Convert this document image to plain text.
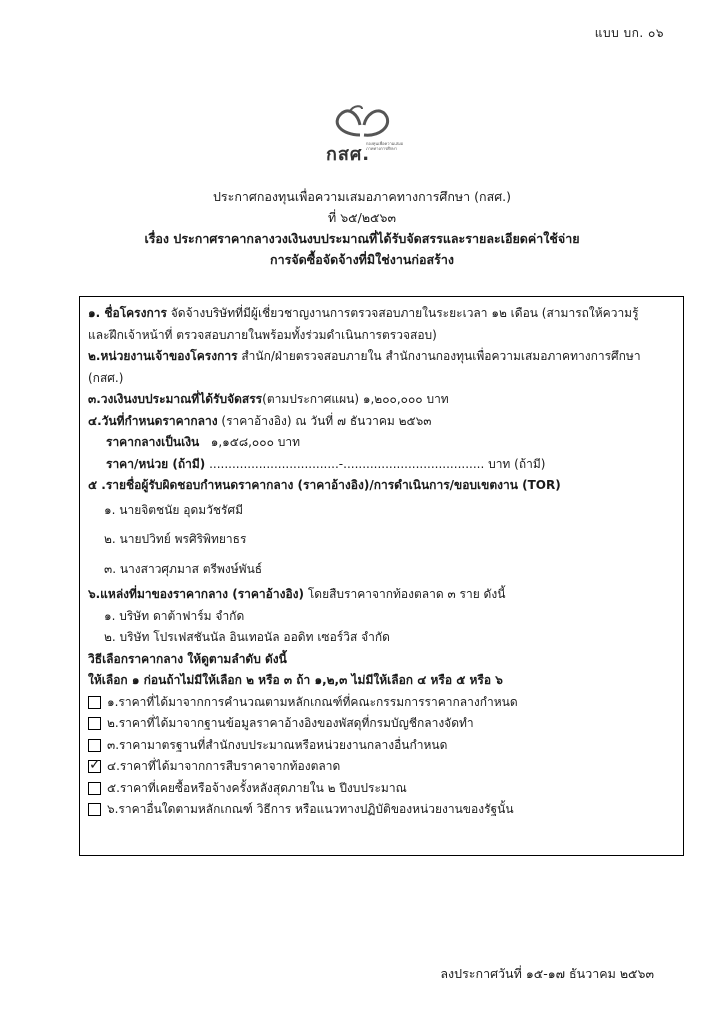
แบบ บก. ๐๖
กสศ.
กองทุนเพื่อความเสมอภาคทางการศึกษา
ประกาศกองทุนเพื่อความเสมอภาคทางการศึกษา (กสศ.)
ที่ ๖๕/๒๕๖๓
เรื่อง ประกาศราคากลางวงเงินงบประมาณที่ได้รับจัดสรรและรายละเอียดค่าใช้จ่าย
การจัดซื้อจัดจ้างที่มิใช่งานก่อสร้าง
๑. ชื่อโครงการ จัดจ้างบริษัทที่มีผู้เชี่ยวชาญงานการตรวจสอบภายในระยะเวลา ๑๒ เดือน (สามารถให้ความรู้
และฝึกเจ้าหน้าที่ ตรวจสอบภายในพร้อมทั้งร่วมดำเนินการตรวจสอบ)
๒.หน่วยงานเจ้าของโครงการ สำนัก/ฝ่ายตรวจสอบภายใน สำนักงานกองทุนเพื่อความเสมอภาคทางการศึกษา
(กสศ.)
๓.วงเงินงบประมาณที่ได้รับจัดสรร(ตามประกาศแผน) ๑,๒๐๐,๐๐๐ บาท
๔.วันที่กำหนดราคากลาง (ราคาอ้างอิง) ณ วันที่ ๗ ธันวาคม ๒๕๖๓
ราคากลางเป็นเงิน ๑,๑๕๘,๐๐๐ บาท
ราคา/หน่วย (ถ้ามี) ..................................-..................................... บาท (ถ้ามี)
๕ .รายชื่อผู้รับผิดชอบกำหนดราคากลาง (ราคาอ้างอิง)/การดำเนินการ/ขอบเขตงาน (TOR)
๑. นายจิตชนัย อุดมวัชรัศมี
๒. นายปวิทย์ พรศิริพิทยาธร
๓. นางสาวศุภมาส ตรีพงษ์พันธ์
๖.แหล่งที่มาของราคากลาง (ราคาอ้างอิง) โดยสืบราคาจากท้องตลาด ๓ ราย ดังนี้
๑. บริษัท ดาต้าฟาร์ม จำกัด
๒. บริษัท โปรเฟสชันนัล อินเทอนัล ออดิท เซอร์วิส จำกัด
วิธีเลือกราคากลาง ให้ดูตามลำดับ ดังนี้
ให้เลือก ๑ ก่อนถ้าไม่มีให้เลือก ๒ หรือ ๓ ถ้า ๑,๒,๓ ไม่มีให้เลือก ๔ หรือ ๕ หรือ ๖
๑.ราคาที่ได้มาจากการคำนวณตามหลักเกณฑ์ที่คณะกรรมการราคากลางกำหนด
๒.ราคาที่ได้มาจากฐานข้อมูลราคาอ้างอิงของพัสดุที่กรมบัญชีกลางจัดทำ
๓.ราคามาตรฐานที่สำนักงบประมาณหรือหน่วยงานกลางอื่นกำหนด
✓
๔.ราคาที่ได้มาจากการสืบราคาจากท้องตลาด
๕.ราคาที่เคยซื้อหรือจ้างครั้งหลังสุดภายใน ๒ ปีงบประมาณ
๖.ราคาอื่นใดตามหลักเกณฑ์ วิธีการ หรือแนวทางปฏิบัติของหน่วยงานของรัฐนั้น
ลงประกาศวันที่ ๑๕-๑๗ ธันวาคม ๒๕๖๓
